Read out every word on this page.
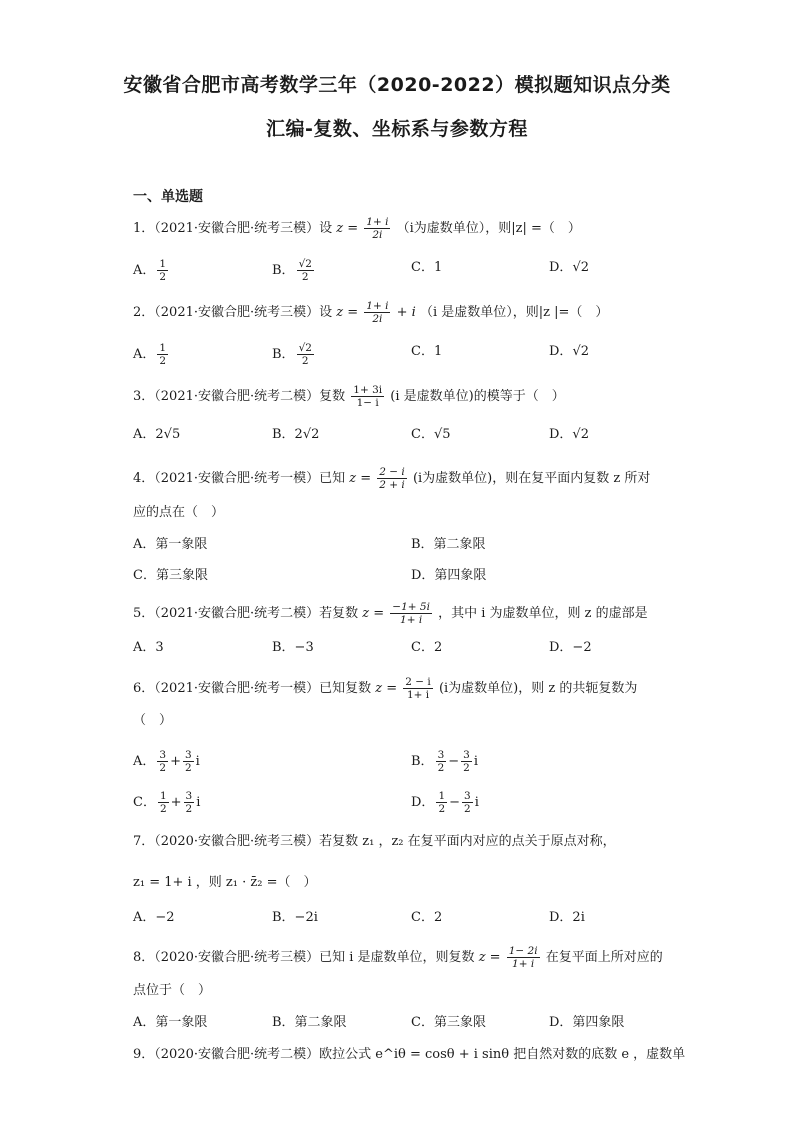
安徽省合肥市高考数学三年（2020-2022）模拟题知识点分类
汇编-复数、坐标系与参数方程
一、单选题
1．（2021·安徽合肥·统考三模）设 $z = \frac{1+ i}{2i} (i$为虚数单位），则|z| =（　）
A． $\frac{1}{2}$	B． $\frac{√2}{2}$	C．1	D．√2
2．（2021·安徽合肥·统考三模）设 $z = \frac{1+ i}{2i} + i$ （i 是虚数单位），则|z |=（　）
A． $\frac{1}{2}$	B． $\frac{√2}{2}$	C．1	D．√2
3．（2021·安徽合肥·统考二模）复数 $\frac{1+ 3i}{1- i} (i$ 是虚数单位)的模等于（　）
A．2√5	B．2√2	C．√5	D．√2
4．（2021·安徽合肥·统考一模）已知 $z = \frac{2 - i}{2 + i} (i$为虚数单位)，则在复平面内复数 z 所对
应的点在（　）
A．第一象限	B．第二象限
C．第三象限	D．第四象限
5．（2021·安徽合肥·统考二模）若复数 $z = \frac{-1+ 5i}{1+ i}$ ，其中 i 为虚数单位，则 z 的虚部是
A．3	B．−3	C．2	D．−2
6．（2021·安徽合肥·统考一模）已知复数 $z = \frac{2 - i}{1+ i} (i$为虚数单位)，则 z 的共轭复数为
（　）
A． $\frac{3}{2} + \frac{3}{2}$ i	B． $\frac{3}{2} - \frac{3}{2}$ i
C． $\frac{1}{2} + \frac{3}{2}$ i	D． $\frac{1}{2} - \frac{3}{2}$ i
7．（2020·安徽合肥·统考三模）若复数 z₁ ，z₂ 在复平面内对应的点关于原点对称，
z₁ = 1+ i ，则 z₁ · z̄₂ =（　）
A．−2	B．−2i	C．2	D．2i
8．（2020·安徽合肥·统考三模）已知 i 是虚数单位，则复数 $z = \frac{1- 2i}{1+ i}$ 在复平面上所对应的
点位于（　）
A．第一象限	B．第二象限	C．第三象限	D．第四象限
9．（2020·安徽合肥·统考二模）欧拉公式 e^iθ = cosθ + i sinθ 把自然对数的底数 e ，虚数单
